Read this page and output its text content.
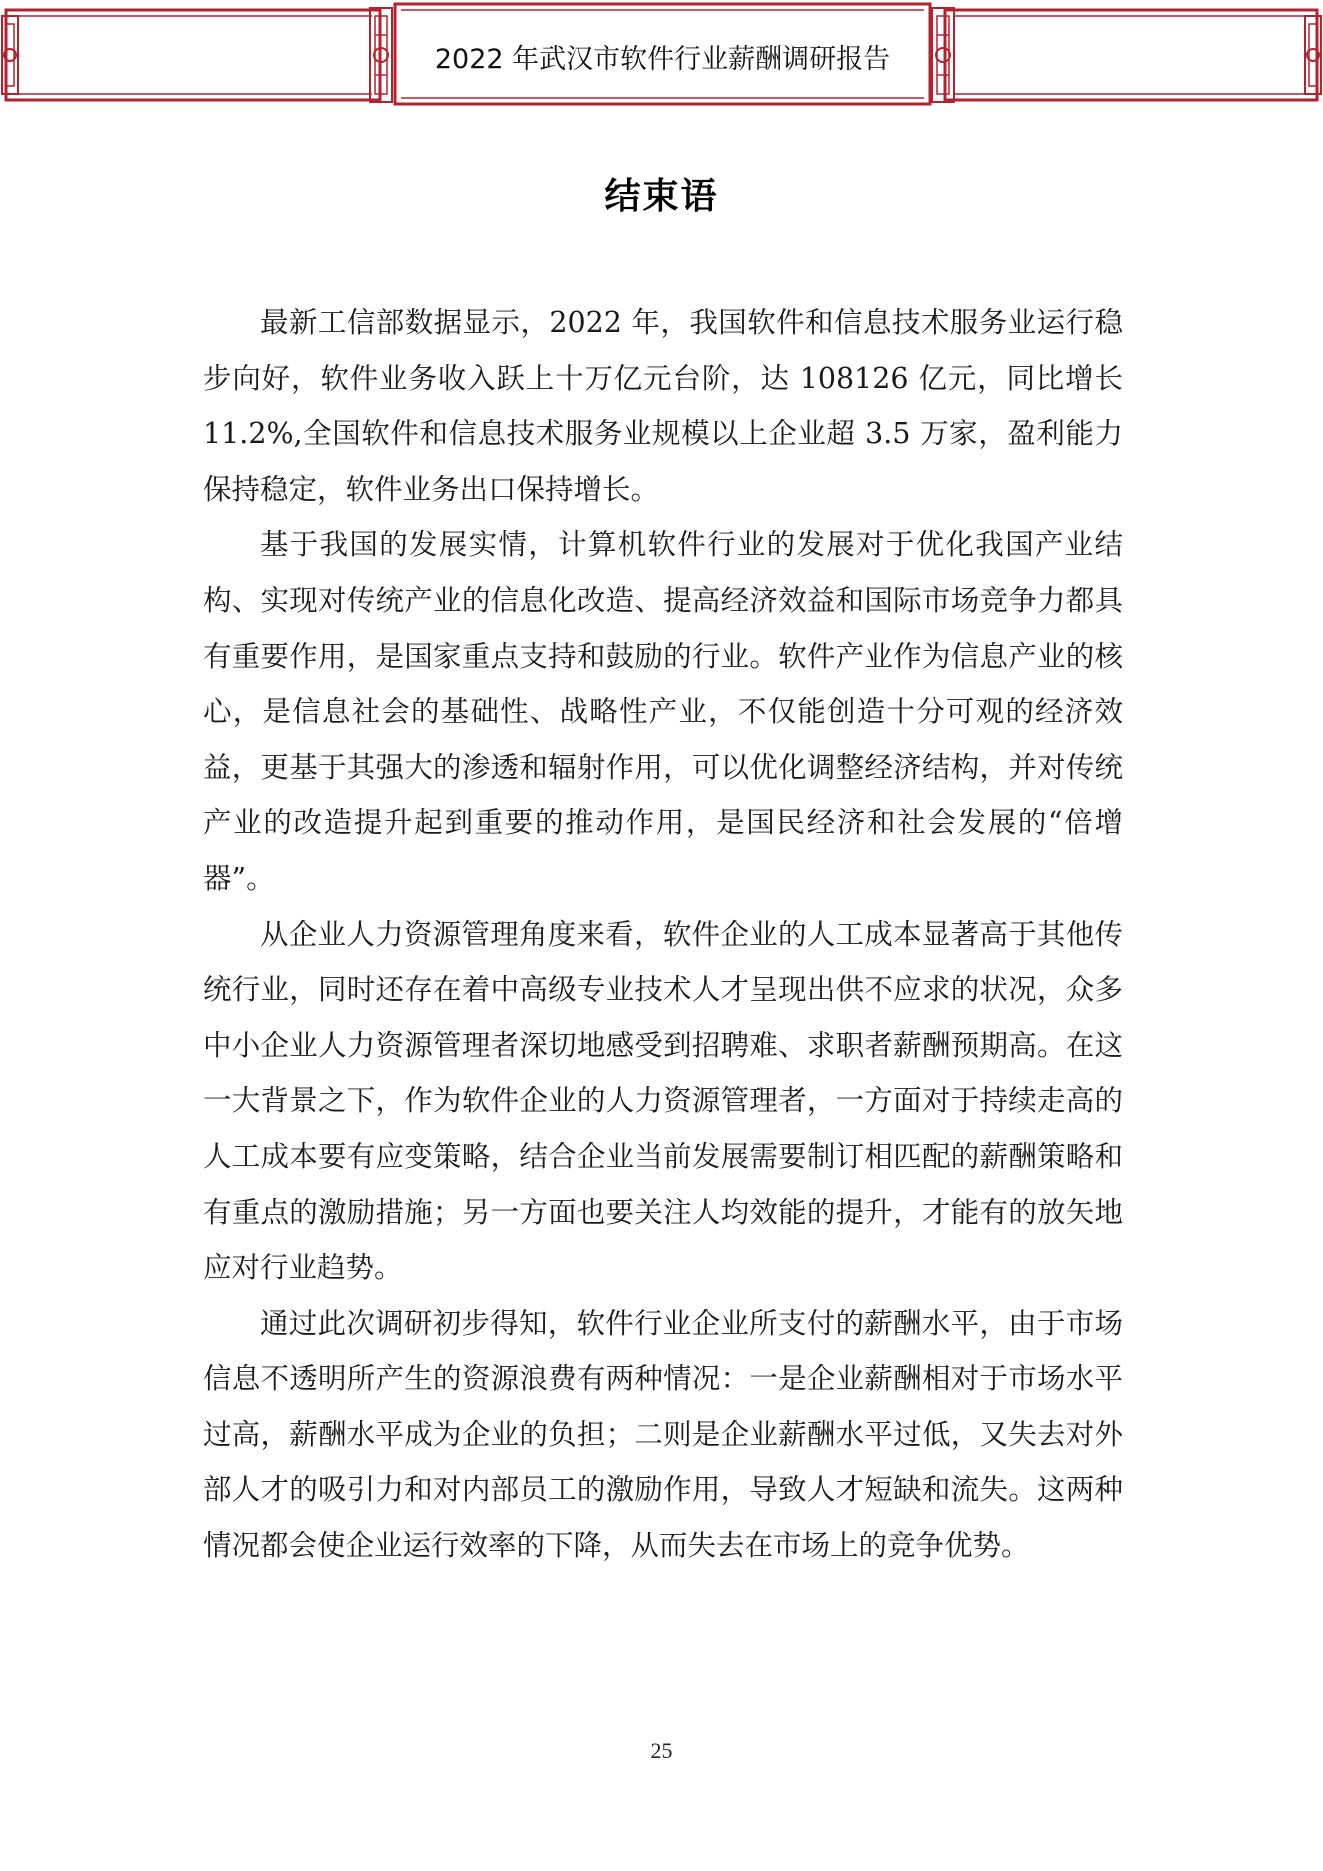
2022 年武汉市软件行业薪酬调研报告
结束语

最新工信部数据显示，2022 年，我国软件和信息技术服务业运行稳步向好，软件业务收入跃上十万亿元台阶，达 108126 亿元，同比增长 11.2%,全国软件和信息技术服务业规模以上企业超 3.5 万家，盈利能力保持稳定，软件业务出口保持增长。

基于我国的发展实情，计算机软件行业的发展对于优化我国产业结构、实现对传统产业的信息化改造、提高经济效益和国际市场竞争力都具有重要作用，是国家重点支持和鼓励的行业。软件产业作为信息产业的核心，是信息社会的基础性、战略性产业，不仅能创造十分可观的经济效益，更基于其强大的渗透和辐射作用，可以优化调整经济结构，并对传统产业的改造提升起到重要的推动作用，是国民经济和社会发展的“倍增器”。

从企业人力资源管理角度来看，软件企业的人工成本显著高于其他传统行业，同时还存在着中高级专业技术人才呈现出供不应求的状况，众多中小企业人力资源管理者深切地感受到招聘难、求职者薪酬预期高。在这一大背景之下，作为软件企业的人力资源管理者，一方面对于持续走高的人工成本要有应变策略，结合企业当前发展需要制订相匹配的薪酬策略和有重点的激励措施；另一方面也要关注人均效能的提升，才能有的放矢地应对行业趋势。

通过此次调研初步得知，软件行业企业所支付的薪酬水平，由于市场信息不透明所产生的资源浪费有两种情况：一是企业薪酬相对于市场水平过高，薪酬水平成为企业的负担；二则是企业薪酬水平过低，又失去对外部人才的吸引力和对内部员工的激励作用，导致人才短缺和流失。这两种情况都会使企业运行效率的下降，从而失去在市场上的竞争优势。

25
